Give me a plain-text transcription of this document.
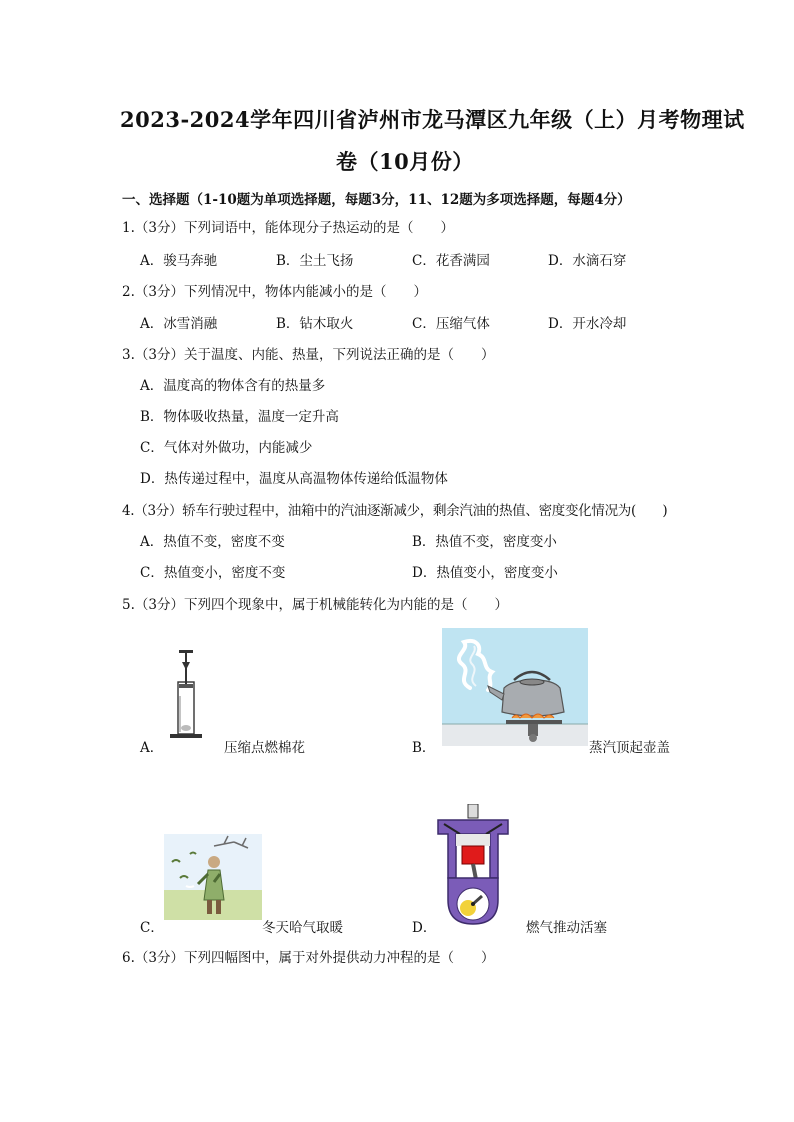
2023-2024学年四川省泸州市龙马潭区九年级（上）月考物理试
卷（10月份）
一、选择题（1-10题为单项选择题，每题3分，11、12题为多项选择题，每题4分）
1.（3分）下列词语中，能体现分子热运动的是（　　）
A．骏马奔驰	B．尘土飞扬	C．花香满园	D．水滴石穿
2.（3分）下列情况中，物体内能减小的是（　　）
A．冰雪消融	B．钻木取火	C．压缩气体	D．开水冷却
3.（3分）关于温度、内能、热量，下列说法正确的是（　　）
A．温度高的物体含有的热量多
B．物体吸收热量，温度一定升高
C．气体对外做功，内能减少
D．热传递过程中，温度从高温物体传递给低温物体
4.（3分）轿车行驶过程中，油箱中的汽油逐渐减少，剩余汽油的热值、密度变化情况为(　　)
A．热值不变，密度不变	B．热值不变，密度变小
C．热值变小，密度不变	D．热值变小，密度变小
5.（3分）下列四个现象中，属于机械能转化为内能的是（　　）
A．	压缩点燃棉花	B．	蒸汽顶起壶盖
C．	冬天哈气取暖	D．	燃气推动活塞
6.（3分）下列四幅图中，属于对外提供动力冲程的是（　　）
